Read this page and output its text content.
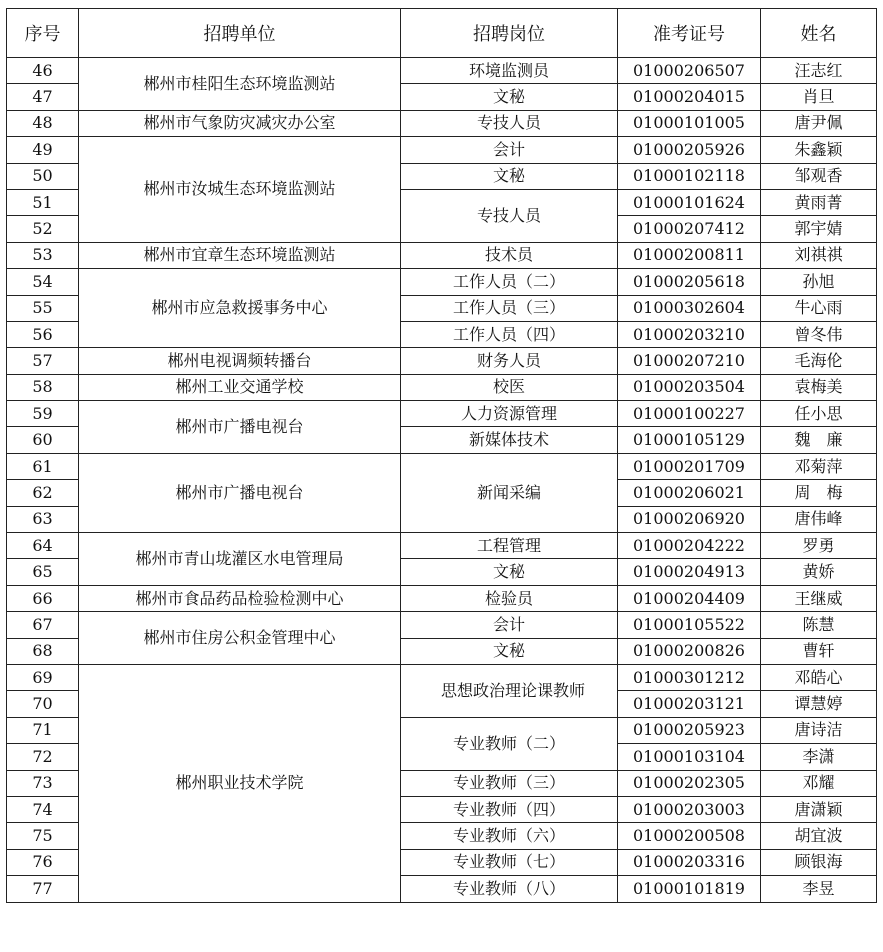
序号	招聘单位	招聘岗位	准考证号	姓名
46	郴州市桂阳生态环境监测站	环境监测员	01000206507	汪志红
47		文秘	01000204015	肖旦
48	郴州市气象防灾减灾办公室	专技人员	01000101005	唐尹佩
49	郴州市汝城生态环境监测站	会计	01000205926	朱鑫颖
50		文秘	01000102118	邹观香
51		专技人员	01000101624	黄雨菁
52			01000207412	郭宇婧
53	郴州市宜章生态环境监测站	技术员	01000200811	刘祺祺
54	郴州市应急救援事务中心	工作人员（二）	01000205618	孙旭
55		工作人员（三）	01000302604	牛心雨
56		工作人员（四）	01000203210	曾冬伟
57	郴州电视调频转播台	财务人员	01000207210	毛海伦
58	郴州工业交通学校	校医	01000203504	袁梅美
59	郴州市广播电视台	人力资源管理	01000100227	任小思
60		新媒体技术	01000105129	魏　廉
61	郴州市广播电视台	新闻采编	01000201709	邓菊萍
62			01000206021	周　梅
63			01000206920	唐伟峰
64	郴州市青山垅灌区水电管理局	工程管理	01000204222	罗勇
65		文秘	01000204913	黄娇
66	郴州市食品药品检验检测中心	检验员	01000204409	王继威
67	郴州市住房公积金管理中心	会计	01000105522	陈慧
68		文秘	01000200826	曹轩
69	郴州职业技术学院	思想政治理论课教师	01000301212	邓皓心
70			01000203121	谭慧婷
71		专业教师（二）	01000205923	唐诗洁
72			01000103104	李潇
73		专业教师（三）	01000202305	邓耀
74		专业教师（四）	01000203003	唐潇颖
75		专业教师（六）	01000200508	胡宜波
76		专业教师（七）	01000203316	顾银海
77		专业教师（八）	01000101819	李昱
